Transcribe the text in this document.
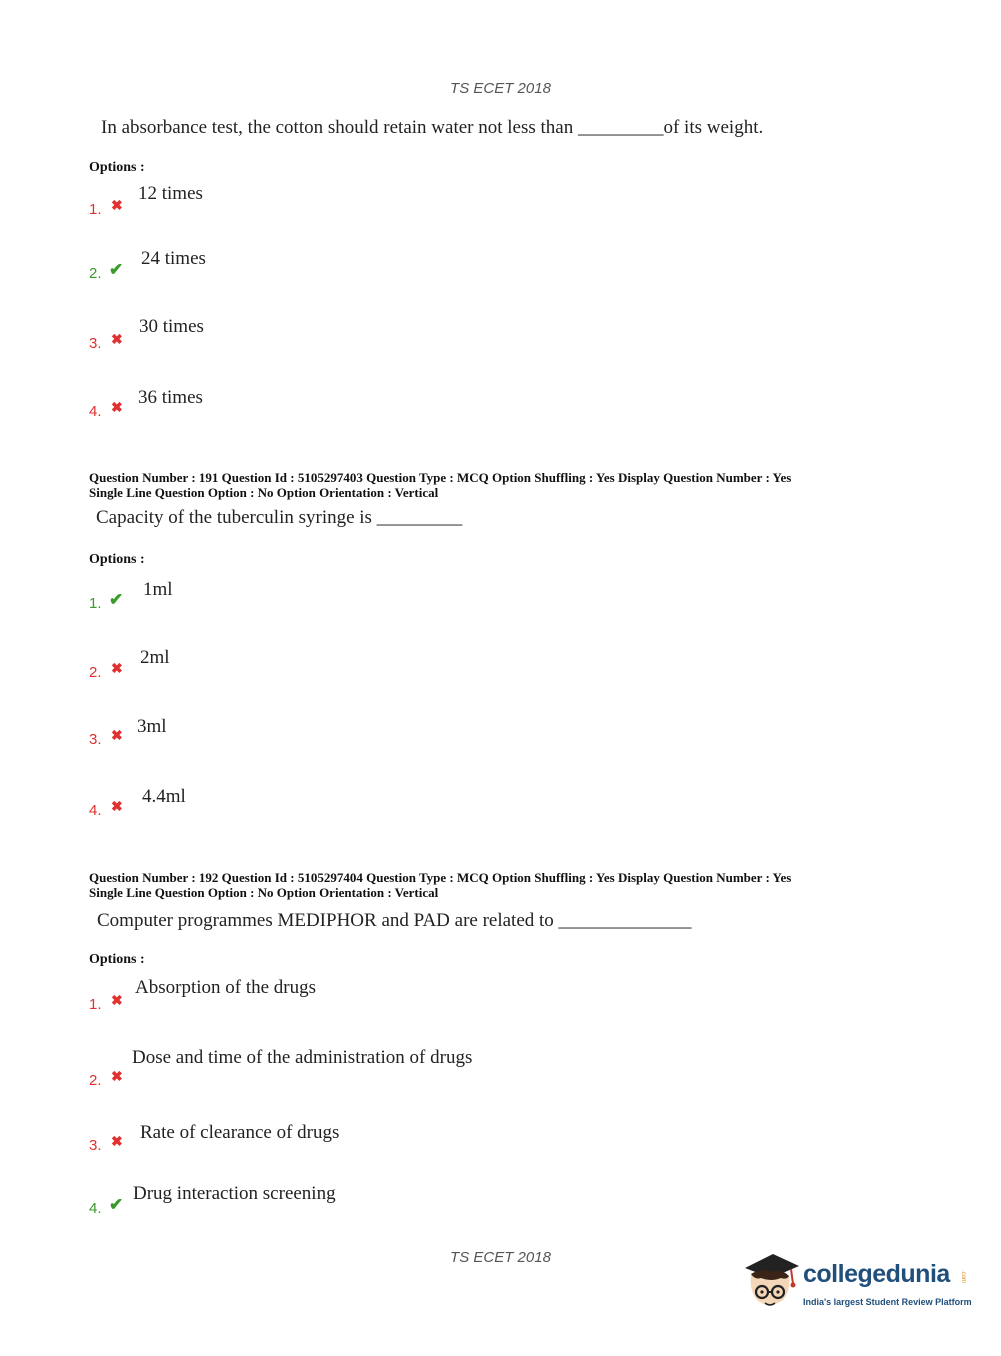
TS ECET 2018
In absorbance test, the cotton should retain water not less than _________of its weight.
Options :
1. ✖
12 times
2. ✔
24 times
3. ✖
30 times
4. ✖
36 times
Question Number : 191 Question Id : 5105297403 Question Type : MCQ Option Shuffling : Yes Display Question Number : Yes
Single Line Question Option : No Option Orientation : Vertical
Capacity of the tuberculin syringe is _________
Options :
1. ✔ 1ml
2. ✖
2ml
3. ✖ 3ml
4. ✖
4.4ml
Question Number : 192 Question Id : 5105297404 Question Type : MCQ Option Shuffling : Yes Display Question Number : Yes
Single Line Question Option : No Option Orientation : Vertical
Computer programmes MEDIPHOR and PAD are related to ______________
Options :
1. ✖
Absorption of the drugs
2. ✖
Dose and time of the administration of drugs
3. ✖ Rate of clearance of drugs
4. ✔
Drug interaction screening
TS ECET 2018
collegedunia .com
India's largest Student Review Platform
